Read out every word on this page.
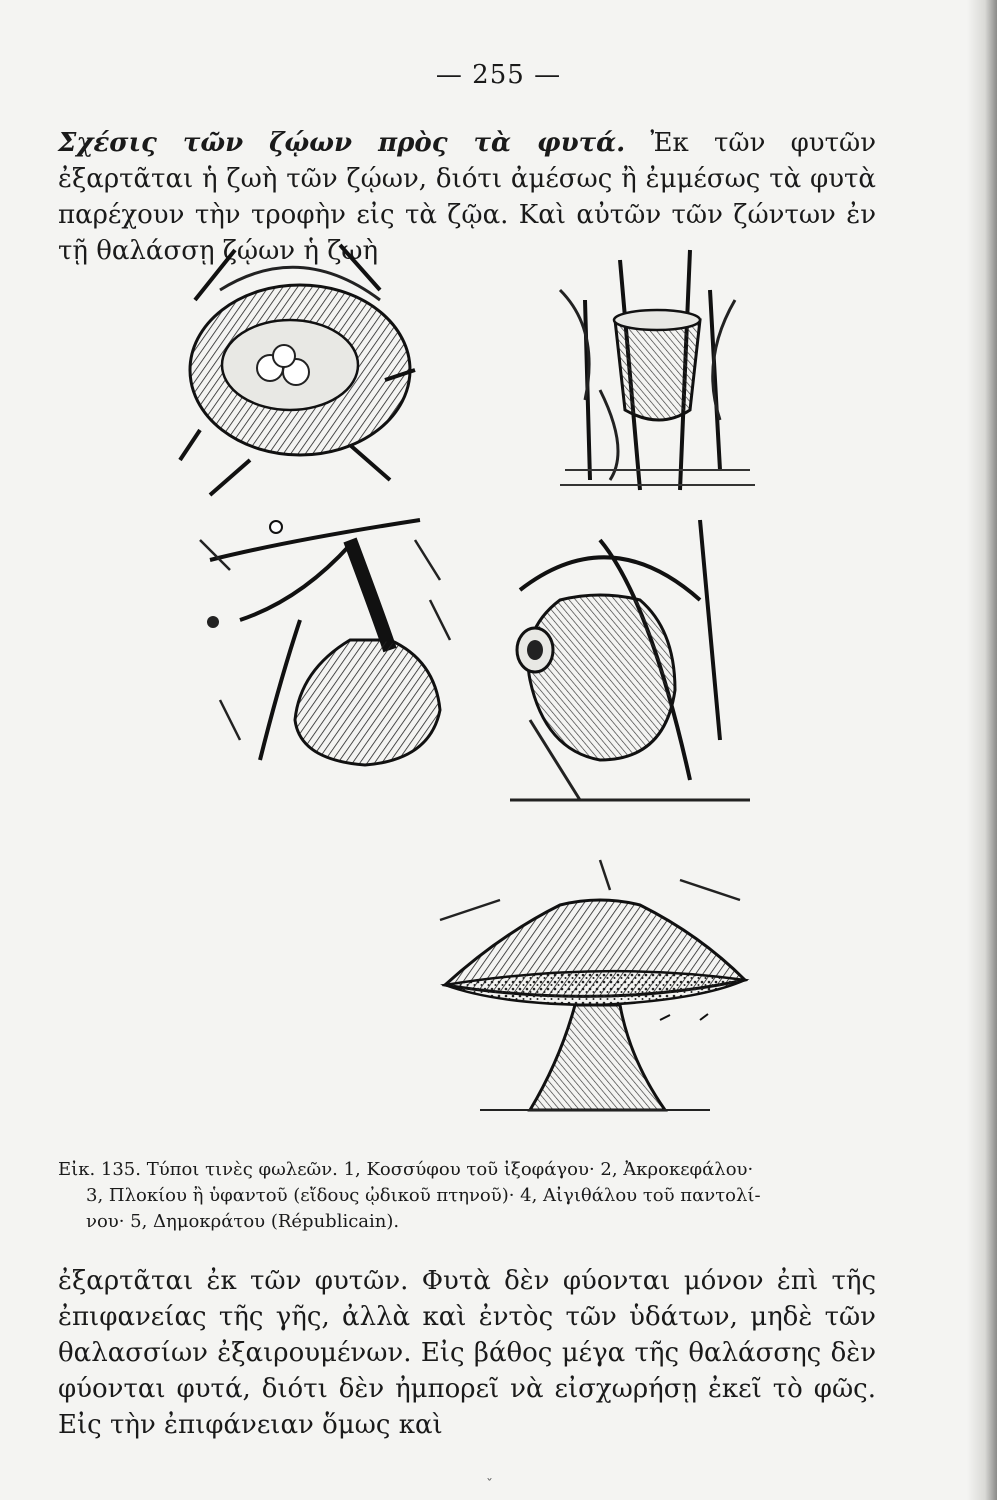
— 255 —
Σχέσις τῶν ζῴων πρὸς τὰ φυτά. Ἐκ τῶν φυτῶν ἐξαρτᾶται ἡ ζωὴ τῶν ζῴων, διότι ἀμέσως ἢ ἐμμέσως τὰ φυτὰ παρέχουν τὴν τροφὴν εἰς τὰ ζῷα. Καὶ αὐτῶν τῶν ζώντων ἐν τῇ θαλάσσῃ ζῴων ἡ ζωὴ
Εἰκ. 135. Τύποι τινὲς φωλεῶν. 1, Κοσσύφου τοῦ ἰξοφάγου· 2, Ἀκροκεφάλου·
3, Πλοκίου ἢ ὑφαντοῦ (εἴδους ᾠδικοῦ πτηνοῦ)· 4, Αἰγιθάλου τοῦ παντολί-
νου· 5, Δημοκράτου (Républicain).
ἐξαρτᾶται ἐκ τῶν φυτῶν. Φυτὰ δὲν φύονται μόνον ἐπὶ τῆς ἐπιφανείας τῆς γῆς, ἀλλὰ καὶ ἐντὸς τῶν ὑδάτων, μηδὲ τῶν θαλασσίων ἐξαιρουμένων. Εἰς βάθος μέγα τῆς θαλάσσης δὲν φύονται φυτά, διότι δὲν ἠμπορεῖ νὰ εἰσχωρήσῃ ἐκεῖ τὸ φῶς. Εἰς τὴν ἐπιφάνειαν ὅμως καὶ
ˇ
